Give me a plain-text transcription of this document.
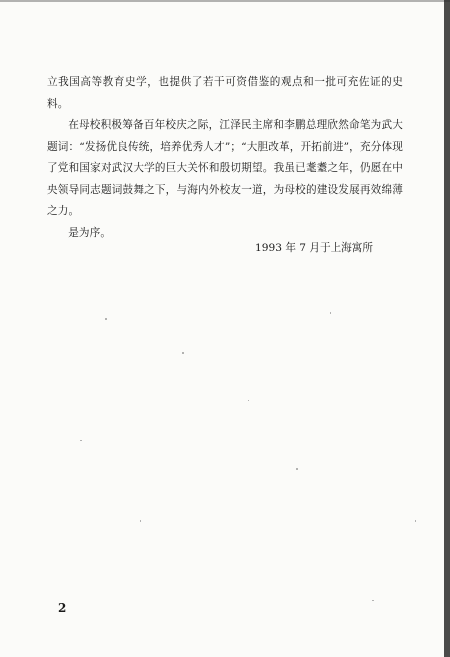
立我国高等教育史学，也提供了若干可资借鉴的观点和一批可充佐证的史料。

在母校积极筹备百年校庆之际，江泽民主席和李鹏总理欣然命笔为武大题词：“发扬优良传统，培养优秀人才”；“大胆改革，开拓前进”，充分体现了党和国家对武汉大学的巨大关怀和殷切期望。我虽已耄耋之年，仍愿在中央领导同志题词鼓舞之下，与海内外校友一道，为母校的建设发展再效绵薄之力。

是为序。

1993 年 7 月于上海寓所
2
